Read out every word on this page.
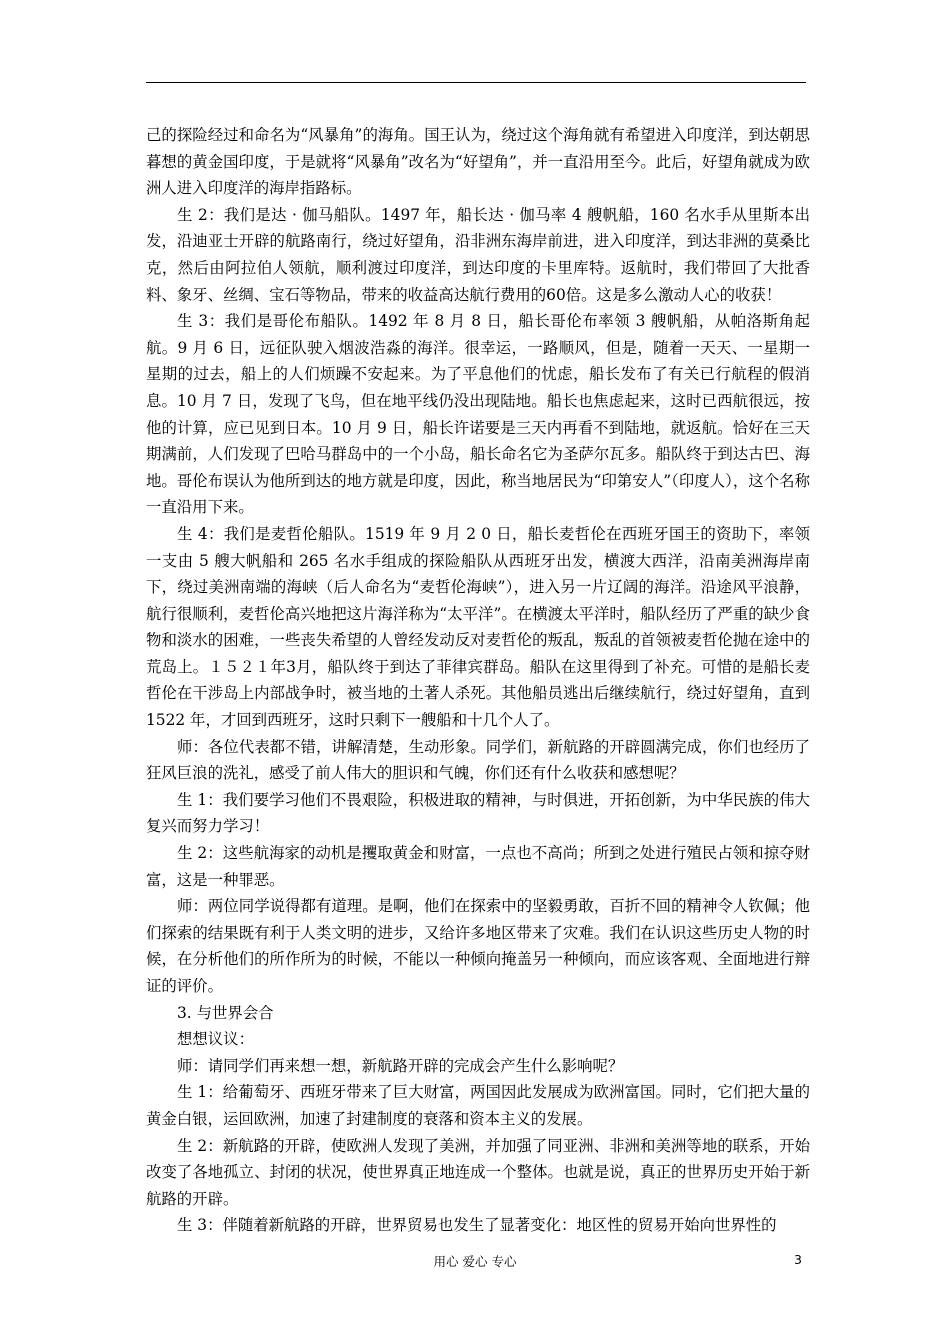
己的探险经过和命名为“风暴角”的海角。国王认为，绕过这个海角就有希望进入印度洋，到达朝思暮想的黄金国印度，于是就将“风暴角”改名为“好望角”，并一直沿用至今。此后，好望角就成为欧洲人进入印度洋的海岸指路标。

生 2：我们是达 · 伽马船队。1497 年，船长达 · 伽马率 4 艘帆船，160 名水手从里斯本出发，沿迪亚士开辟的航路南行，绕过好望角，沿非洲东海岸前进，进入印度洋，到达非洲的莫桑比克，然后由阿拉伯人领航，顺利渡过印度洋，到达印度的卡里库特。返航时，我们带回了大批香料、象牙、丝绸、宝石等物品，带来的收益高达航行费用的60倍。这是多么激动人心的收获！

生 3：我们是哥伦布船队。1492 年 8 月 8 日，船长哥伦布率领 3 艘帆船，从帕洛斯角起航。9 月 6 日，远征队驶入烟波浩淼的海洋。很幸运，一路顺风，但是，随着一天天、一星期一星期的过去，船上的人们烦躁不安起来。为了平息他们的忧虑，船长发布了有关已行航程的假消息。10 月 7 日，发现了飞鸟，但在地平线仍没出现陆地。船长也焦虑起来，这时已西航很远，按他的计算，应已见到日本。10 月 9 日，船长许诺要是三天内再看不到陆地，就返航。恰好在三天期满前，人们发现了巴哈马群岛中的一个小岛，船长命名它为圣萨尔瓦多。船队终于到达古巴、海地。哥伦布误认为他所到达的地方就是印度，因此，称当地居民为“印第安人”（印度人），这个名称一直沿用下来。

生 4：我们是麦哲伦船队。1519 年 9 月 2 0 日，船长麦哲伦在西班牙国王的资助下，率领一支由 5 艘大帆船和 265 名水手组成的探险船队从西班牙出发，横渡大西洋，沿南美洲海岸南下，绕过美洲南端的海峡（后人命名为“麦哲伦海峡”），进入另一片辽阔的海洋。沿途风平浪静，航行很顺利，麦哲伦高兴地把这片海洋称为“太平洋”。在横渡太平洋时，船队经历了严重的缺少食物和淡水的困难，一些丧失希望的人曾经发动反对麦哲伦的叛乱，叛乱的首领被麦哲伦抛在途中的荒岛上。１５２１年3月，船队终于到达了菲律宾群岛。船队在这里得到了补充。可惜的是船长麦哲伦在干涉岛上内部战争时，被当地的土著人杀死。其他船员逃出后继续航行，绕过好望角，直到 1522 年，才回到西班牙，这时只剩下一艘船和十几个人了。

师：各位代表都不错，讲解清楚，生动形象。同学们，新航路的开辟圆满完成，你们也经历了狂风巨浪的洗礼，感受了前人伟大的胆识和气魄，你们还有什么收获和感想呢？

生 1：我们要学习他们不畏艰险，积极进取的精神，与时俱进，开拓创新，为中华民族的伟大复兴而努力学习！

生 2：这些航海家的动机是攫取黄金和财富，一点也不高尚；所到之处进行殖民占领和掠夺财富，这是一种罪恶。

师：两位同学说得都有道理。是啊，他们在探索中的坚毅勇敢，百折不回的精神令人钦佩；他们探索的结果既有利于人类文明的进步，又给许多地区带来了灾难。我们在认识这些历史人物的时候，在分析他们的所作所为的时候，不能以一种倾向掩盖另一种倾向，而应该客观、全面地进行辩证的评价。

3. 与世界会合

想想议议：

师：请同学们再来想一想，新航路开辟的完成会产生什么影响呢？

生 1：给葡萄牙、西班牙带来了巨大财富，两国因此发展成为欧洲富国。同时，它们把大量的黄金白银，运回欧洲，加速了封建制度的衰落和资本主义的发展。

生 2：新航路的开辟，使欧洲人发现了美洲，并加强了同亚洲、非洲和美洲等地的联系，开始改变了各地孤立、封闭的状况，使世界真正地连成一个整体。也就是说，真正的世界历史开始于新航路的开辟。

生 3：伴随着新航路的开辟，世界贸易也发生了显著变化：地区性的贸易开始向世界性的

用心 爱心 专心	3
